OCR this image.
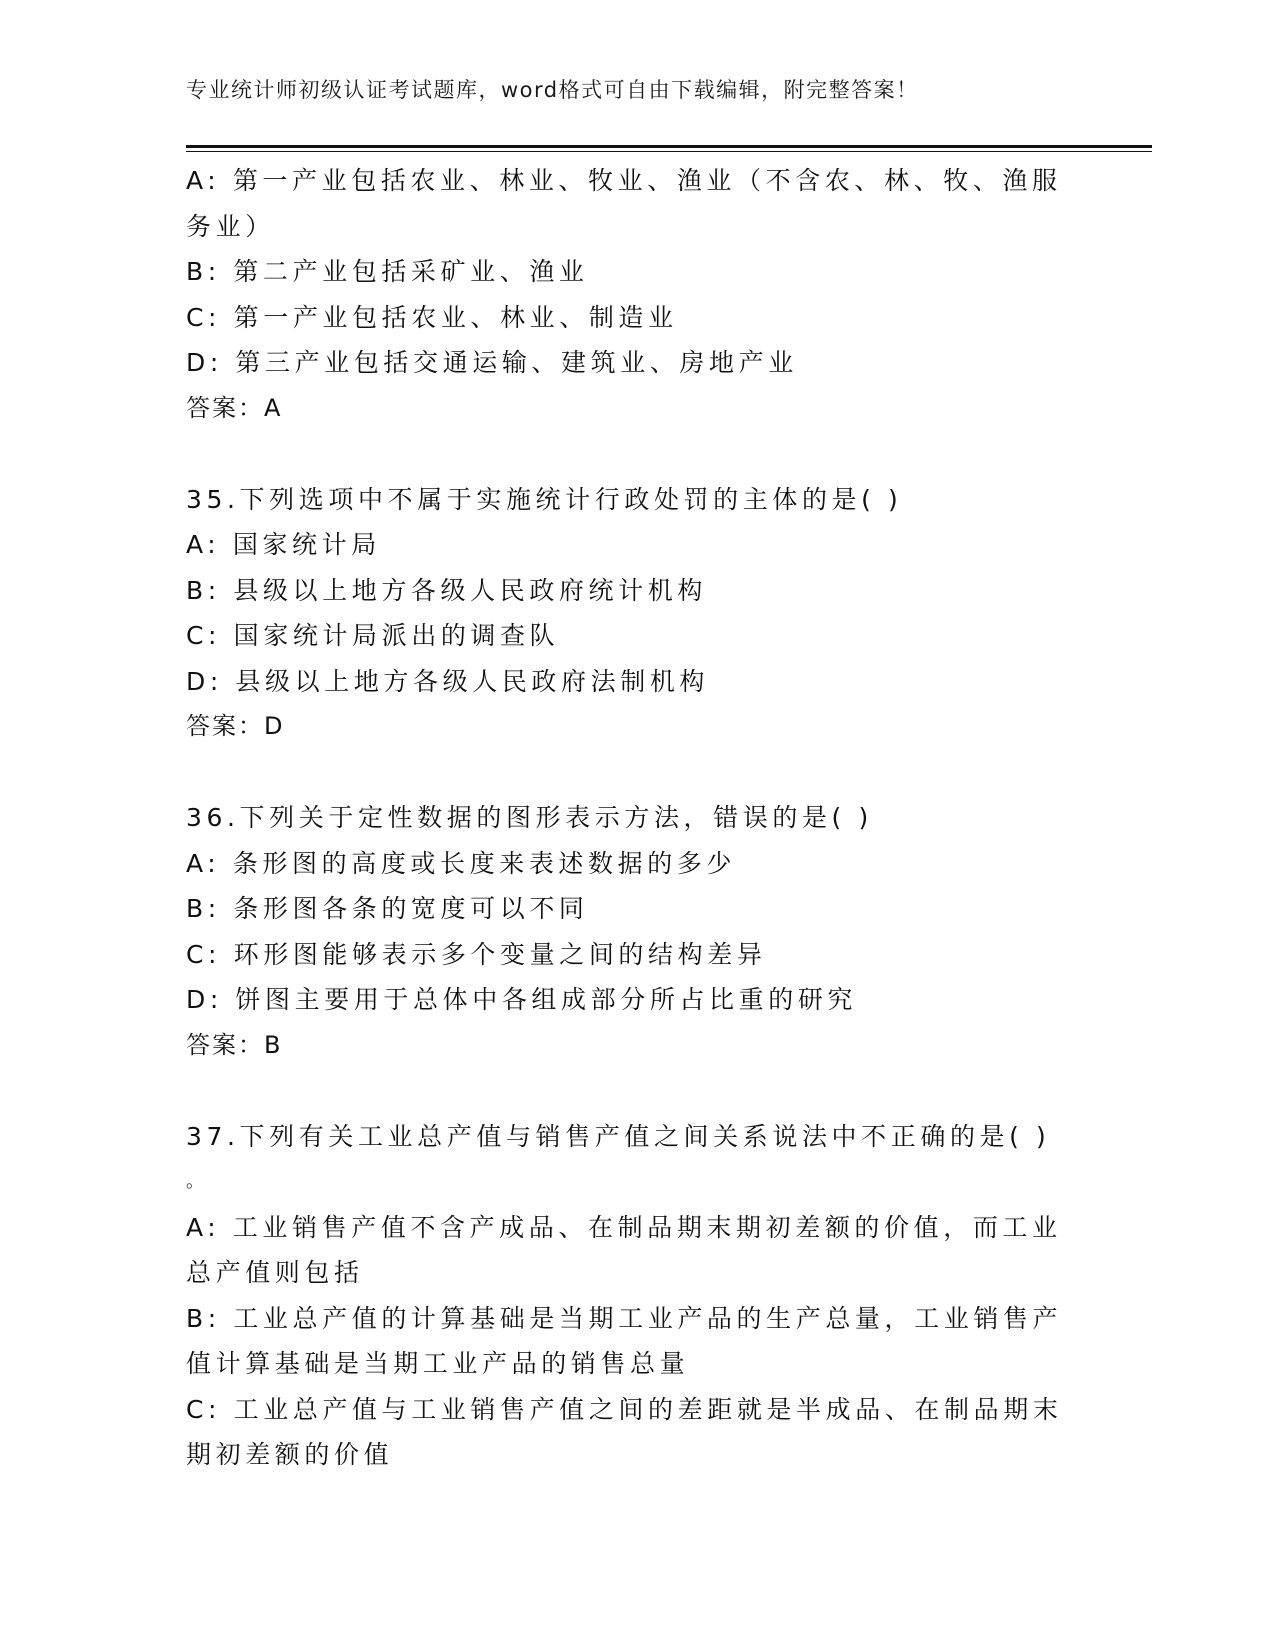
专业统计师初级认证考试题库，word格式可自由下载编辑，附完整答案！
A: 第一产业包括农业、林业、牧业、渔业（不含农、林、牧、渔服务业）
B: 第二产业包括采矿业、渔业
C: 第一产业包括农业、林业、制造业
D: 第三产业包括交通运输、建筑业、房地产业
答案：A
35.下列选项中不属于实施统计行政处罚的主体的是( )
A: 国家统计局
B: 县级以上地方各级人民政府统计机构
C: 国家统计局派出的调查队
D: 县级以上地方各级人民政府法制机构
答案：D
36.下列关于定性数据的图形表示方法，错误的是( )
A: 条形图的高度或长度来表述数据的多少
B: 条形图各条的宽度可以不同
C: 环形图能够表示多个变量之间的结构差异
D: 饼图主要用于总体中各组成部分所占比重的研究
答案：B
37.下列有关工业总产值与销售产值之间关系说法中不正确的是( )
。
A: 工业销售产值不含产成品、在制品期末期初差额的价值，而工业总产值则包括
B: 工业总产值的计算基础是当期工业产品的生产总量，工业销售产值计算基础是当期工业产品的销售总量
C: 工业总产值与工业销售产值之间的差距就是半成品、在制品期末期初差额的价值
